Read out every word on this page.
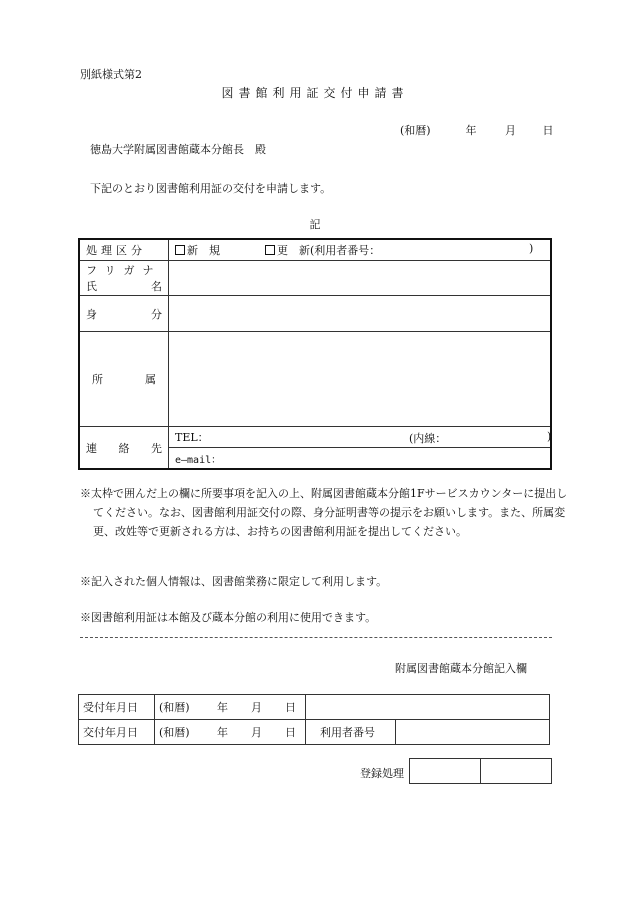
別紙様式第2
図書館利用証交付申請書
(和暦)	年	月 日
徳島大学附属図書館蔵本分館長　殿
下記のとおり図書館利用証の交付を申請します。
記
処理区分	新　規 更　新(利用者番号： )

フリガナ
氏 名	

身 分	

所 属	

連 絡 先	TEL： (内線： )

	e―mail：
※太枠で囲んだ上の欄に所要事項を記入の上、附属図書館蔵本分館1Fサービスカウンターに提出してください。なお、図書館利用証交付の際、身分証明書等の提示をお願いします。また、所属変更、改姓等で更新される方は、お持ちの図書館利用証を提出してください。
※記入された個人情報は、図書館業務に限定して利用します。
※図書館利用証は本館及び蔵本分館の利用に使用できます。
附属図書館蔵本分館記入欄
受付年月日	(和暦) 年 月 日		
交付年月日	(和暦) 年 月 日	利用者番号	
登録処理
